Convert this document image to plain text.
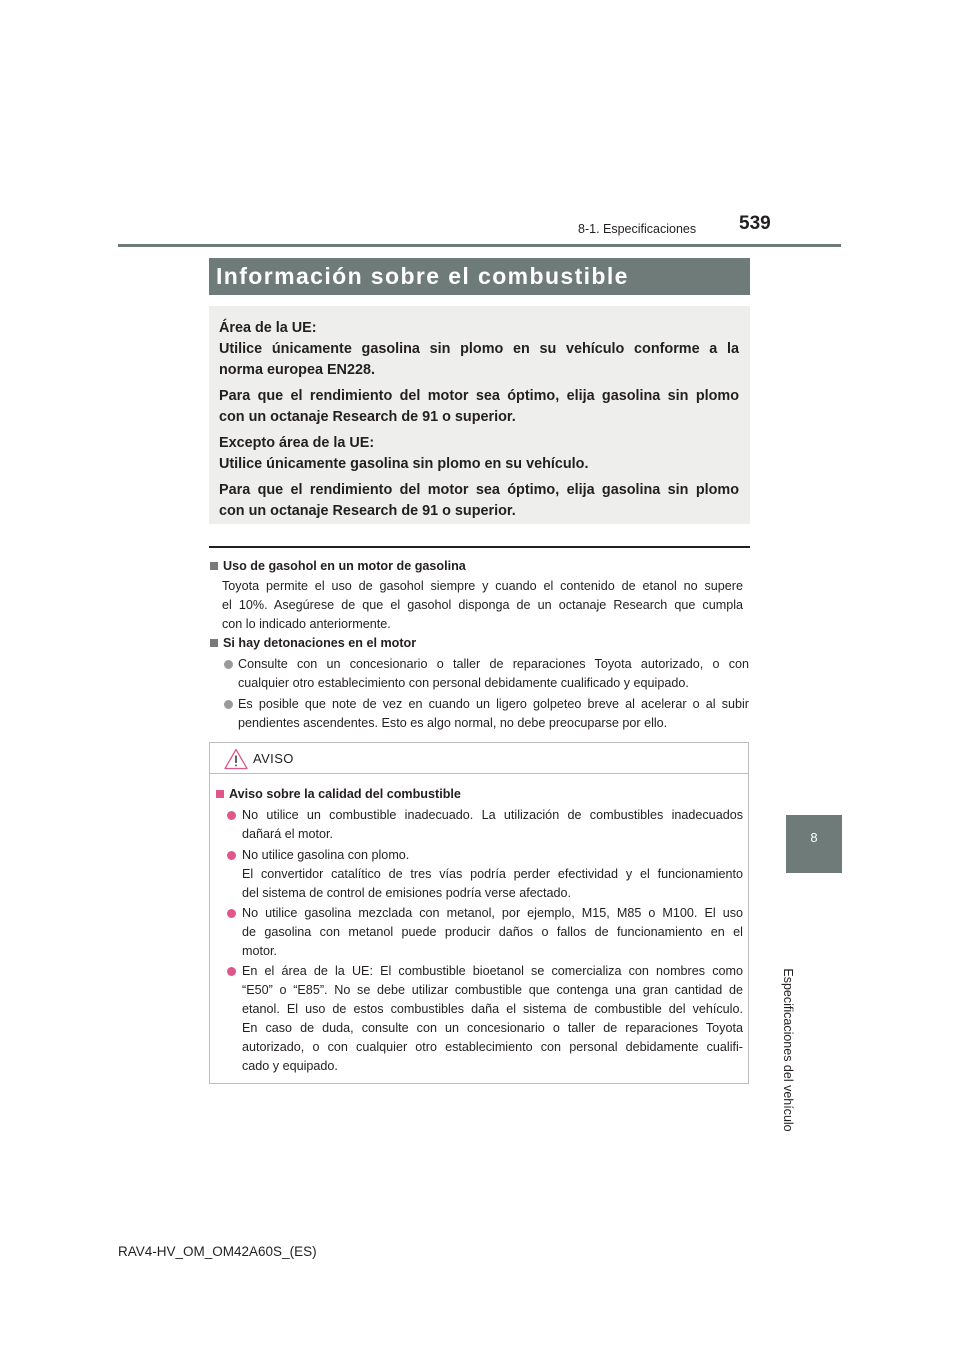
8-1. Especificaciones 539
8
Especificaciones del vehículo
Información sobre el combustible
Área de la UE:
Utilice únicamente gasolina sin plomo en su vehículo conforme a la
norma europea EN228.
Para que el rendimiento del motor sea óptimo, elija gasolina sin plomo
con un octanaje Research de 91 o superior.
Excepto área de la UE:
Utilice únicamente gasolina sin plomo en su vehículo.
Para que el rendimiento del motor sea óptimo, elija gasolina sin plomo
con un octanaje Research de 91 o superior.
Uso de gasohol en un motor de gasolina
Toyota permite el uso de gasohol siempre y cuando el contenido de etanol no supere
el 10%. Asegúrese de que el gasohol disponga de un octanaje Research que cumpla
con lo indicado anteriormente.
Si hay detonaciones en el motor
Consulte con un concesionario o taller de reparaciones Toyota autorizado, o con
cualquier otro establecimiento con personal debidamente cualificado y equipado.
Es posible que note de vez en cuando un ligero golpeteo breve al acelerar o al subir
pendientes ascendentes. Esto es algo normal, no debe preocuparse por ello.
AVISO
Aviso sobre la calidad del combustible
No utilice un combustible inadecuado. La utilización de combustibles inadecuados
dañará el motor.
No utilice gasolina con plomo.
El convertidor catalítico de tres vías podría perder efectividad y el funcionamiento
del sistema de control de emisiones podría verse afectado.
No utilice gasolina mezclada con metanol, por ejemplo, M15, M85 o M100. El uso
de gasolina con metanol puede producir daños o fallos de funcionamiento en el
motor.
En el área de la UE: El combustible bioetanol se comercializa con nombres como
“E50” o “E85”. No se debe utilizar combustible que contenga una gran cantidad de
etanol. El uso de estos combustibles daña el sistema de combustible del vehículo.
En caso de duda, consulte con un concesionario o taller de reparaciones Toyota
autorizado, o con cualquier otro establecimiento con personal debidamente cualifi-
cado y equipado.
RAV4-HV_OM_OM42A60S_(ES)
